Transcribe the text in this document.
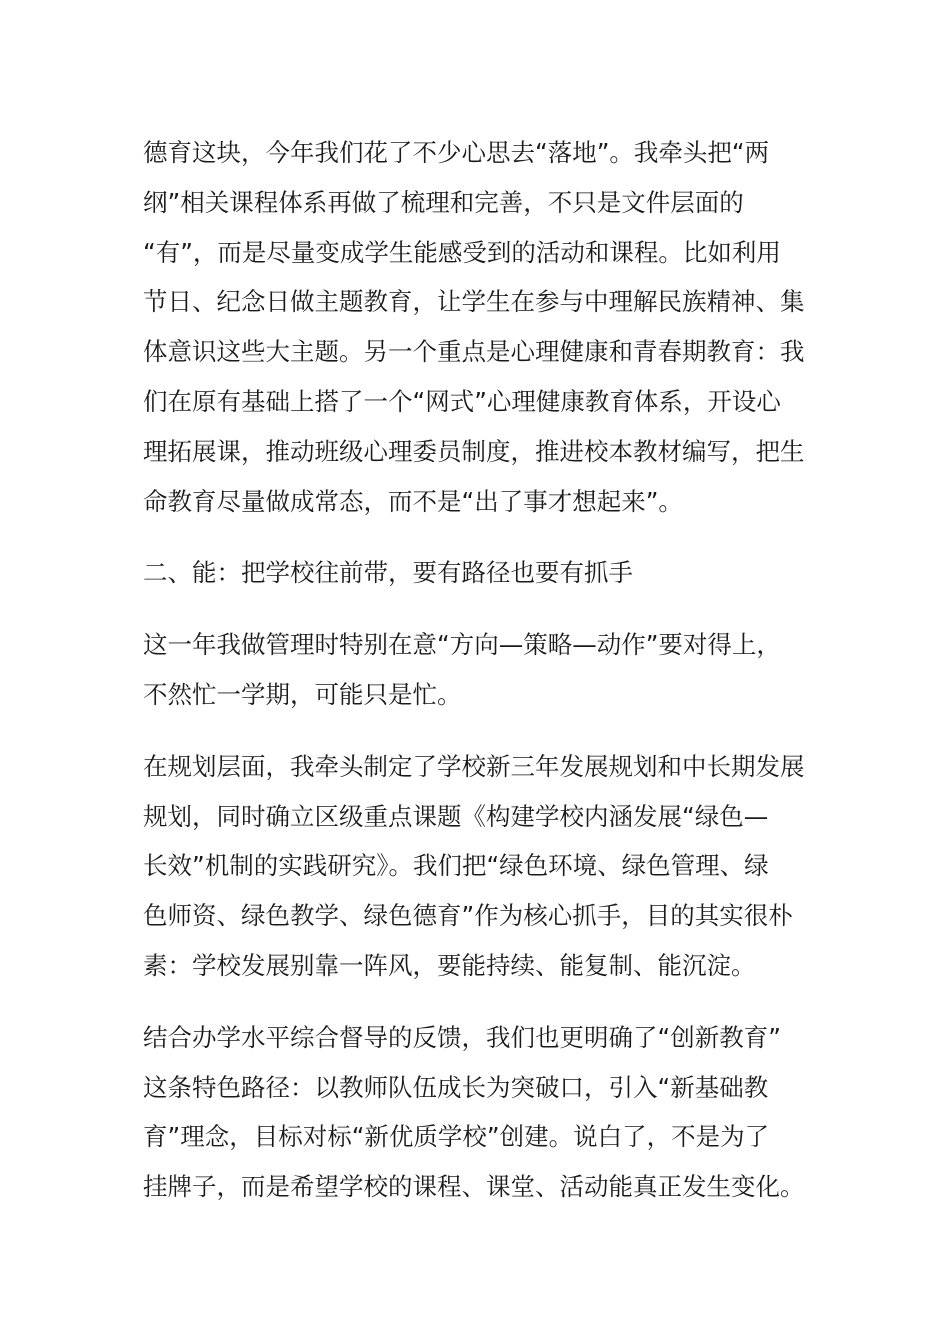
德育这块，今年我们花了不少心思去“落地”。我牵头把“两
纲”相关课程体系再做了梳理和完善，不只是文件层面的
“有”，而是尽量变成学生能感受到的活动和课程。比如利用
节日、纪念日做主题教育，让学生在参与中理解民族精神、集
体意识这些大主题。另一个重点是心理健康和青春期教育：我
们在原有基础上搭了一个“网式”心理健康教育体系，开设心
理拓展课，推动班级心理委员制度，推进校本教材编写，把生
命教育尽量做成常态，而不是“出了事才想起来”。

二、能：把学校往前带，要有路径也要有抓手

这一年我做管理时特别在意“方向—策略—动作”要对得上，
不然忙一学期，可能只是忙。

在规划层面，我牵头制定了学校新三年发展规划和中长期发展
规划，同时确立区级重点课题《构建学校内涵发展“绿色—
长效”机制的实践研究》。我们把“绿色环境、绿色管理、绿
色师资、绿色教学、绿色德育”作为核心抓手，目的其实很朴
素：学校发展别靠一阵风，要能持续、能复制、能沉淀。

结合办学水平综合督导的反馈，我们也更明确了“创新教育”
这条特色路径：以教师队伍成长为突破口，引入“新基础教
育”理念，目标对标“新优质学校”创建。说白了，不是为了
挂牌子，而是希望学校的课程、课堂、活动能真正发生变化。
